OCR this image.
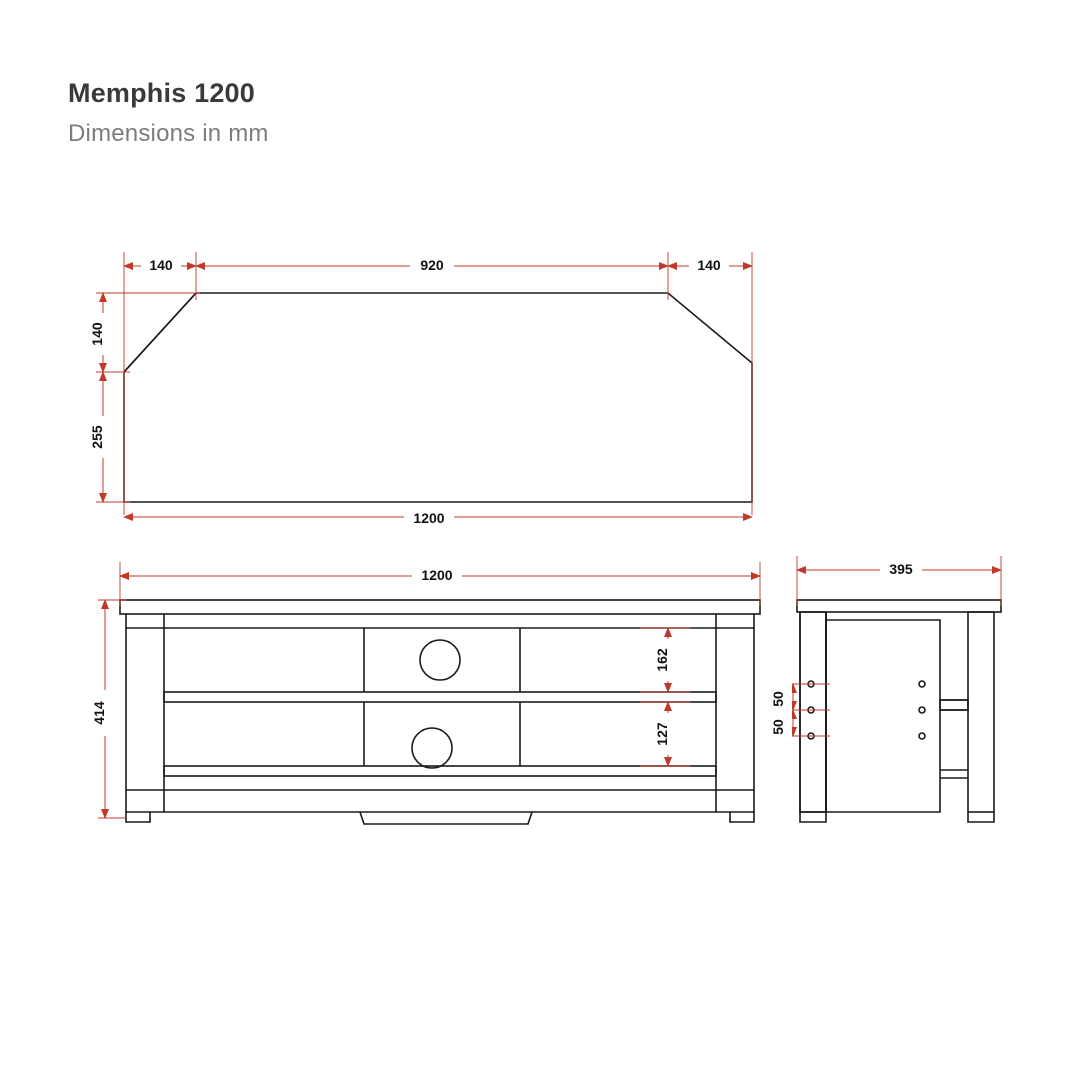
Memphis 1200
Dimensions in mm
140	920	140
1200
140
255
1200
414
162
127
395
50
50
